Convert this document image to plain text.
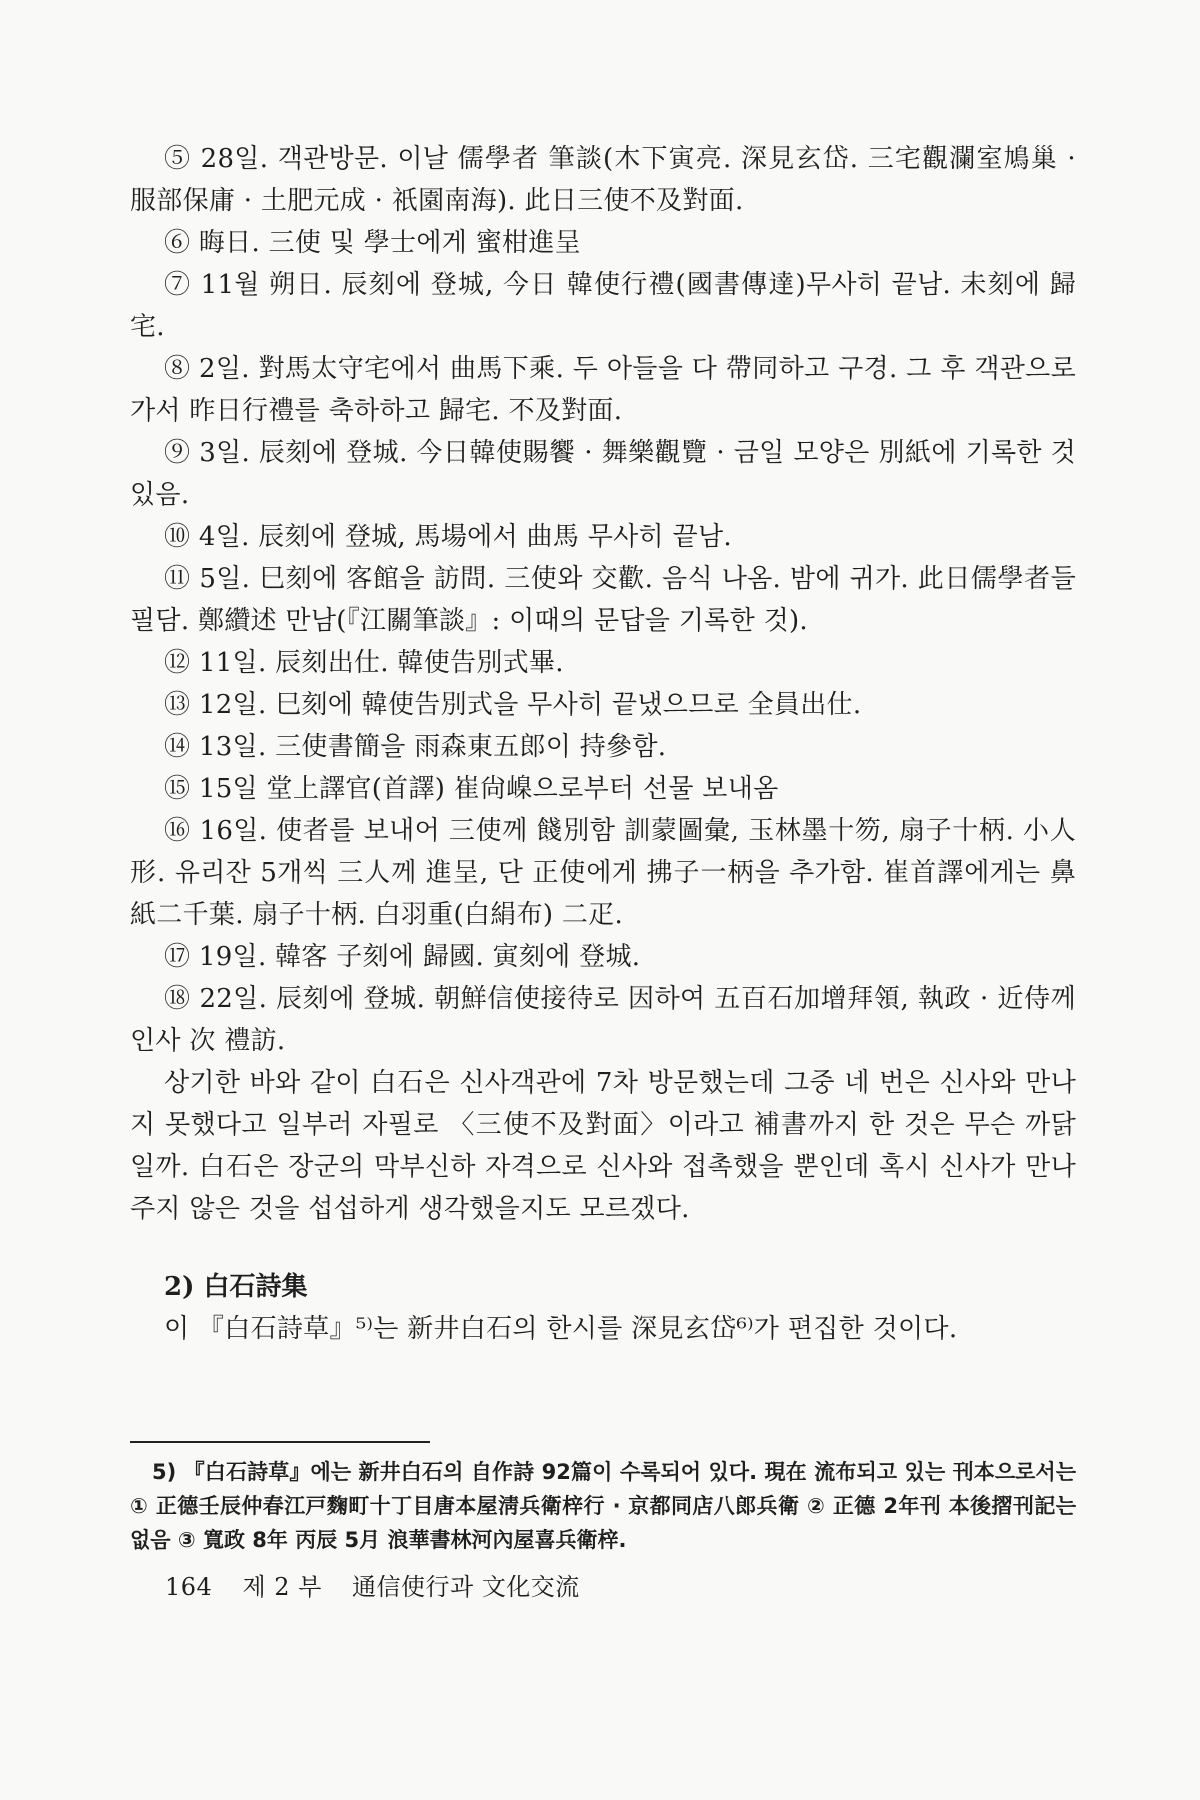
⑤ 28일. 객관방문. 이날 儒學者 筆談(木下寅亮. 深見玄岱. 三宅觀瀾室鳩巢 · 服部保庸 · 土肥元成 · 祇園南海). 此日三使不及對面.

⑥ 晦日. 三使 및 學士에게 蜜柑進呈

⑦ 11월 朔日. 辰刻에 登城, 今日 韓使行禮(國書傳達)무사히 끝남. 未刻에 歸宅.

⑧ 2일. 對馬太守宅에서 曲馬下乘. 두 아들을 다 帶同하고 구경. 그 후 객관으로 가서 昨日行禮를 축하하고 歸宅. 不及對面.

⑨ 3일. 辰刻에 登城. 今日韓使賜饗 · 舞樂觀覽 · 금일 모양은 別紙에 기록한 것 있음.

⑩ 4일. 辰刻에 登城, 馬場에서 曲馬 무사히 끝남.

⑪ 5일. 巳刻에 客館을 訪問. 三使와 交歡. 음식 나옴. 밤에 귀가. 此日儒學者들 필담. 鄭纘述 만남(『江關筆談』: 이때의 문답을 기록한 것).

⑫ 11일. 辰刻出仕. 韓使告別式畢.

⑬ 12일. 巳刻에 韓使告別式을 무사히 끝냈으므로 全員出仕.

⑭ 13일. 三使書簡을 雨森東五郎이 持參함.

⑮ 15일 堂上譯官(首譯) 崔尙嵲으로부터 선물 보내옴

⑯ 16일. 使者를 보내어 三使께 餞別함 訓蒙圖彙, 玉林墨十笏, 扇子十柄. 小人形. 유리잔 5개씩 三人께 進呈, 단 正使에게 拂子一柄을 추가함. 崔首譯에게는 鼻紙二千葉. 扇子十柄. 白羽重(白絹布) 二疋.

⑰ 19일. 韓客 子刻에 歸國. 寅刻에 登城.

⑱ 22일. 辰刻에 登城. 朝鮮信使接待로 因하여 五百石加增拜領, 執政 · 近侍께 인사 次 禮訪.

상기한 바와 같이 白石은 신사객관에 7차 방문했는데 그중 네 번은 신사와 만나지 못했다고 일부러 자필로 〈三使不及對面〉이라고 補書까지 한 것은 무슨 까닭일까. 白石은 장군의 막부신하 자격으로 신사와 접촉했을 뿐인데 혹시 신사가 만나주지 않은 것을 섭섭하게 생각했을지도 모르겠다.

2) 白石詩集

이 『白石詩草』⁵⁾는 新井白石의 한시를 深見玄岱⁶⁾가 편집한 것이다.

5) 『白石詩草』에는 新井白石의 自作詩 92篇이 수록되어 있다. 現在 流布되고 있는 刊本으로서는 ① 正德壬辰仲春江戸麴町十丁目唐本屋淸兵衛梓行 · 京都同店八郎兵衛 ② 正德 2年刊 本後摺刊記는 없음 ③ 寬政 8年 丙辰 5月 浪華書林河內屋喜兵衛梓.

164 제 2 부 通信使行과 文化交流
